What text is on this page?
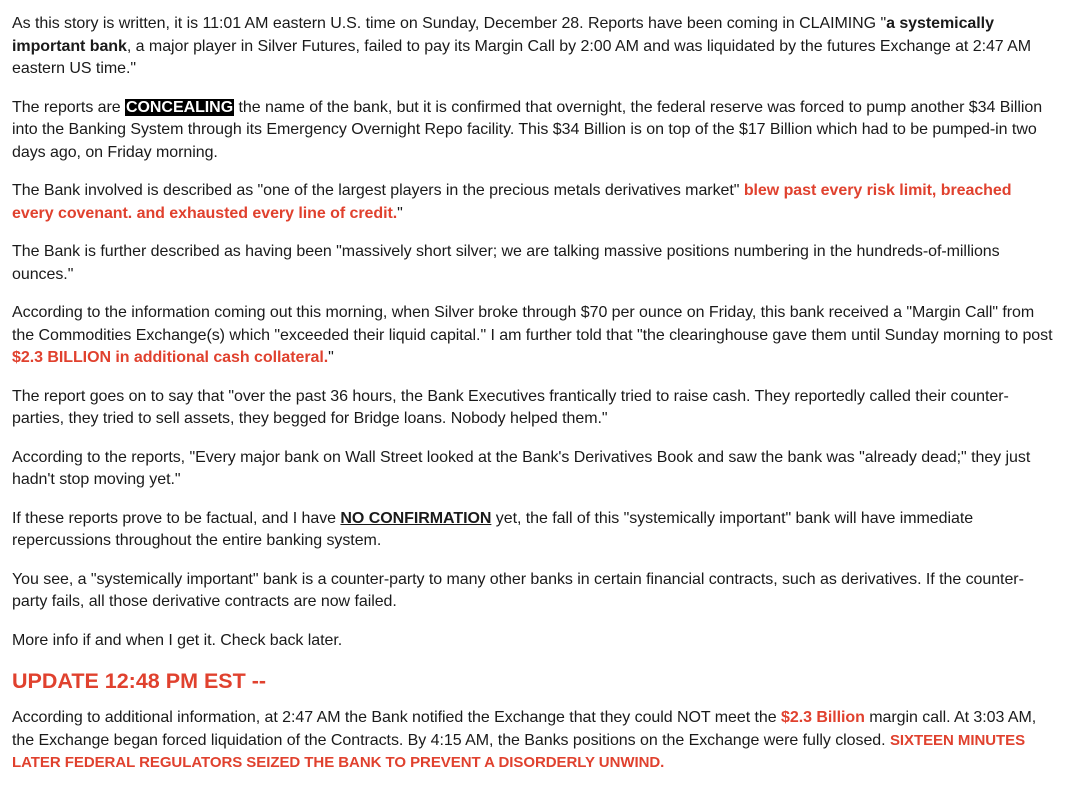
As this story is written, it is 11:01 AM eastern U.S. time on Sunday, December 28. Reports have been coming in CLAIMING "a systemically important bank, a major player in Silver Futures, failed to pay its Margin Call by 2:00 AM and was liquidated by the futures Exchange at 2:47 AM eastern US time."

The reports are CONCEALING the name of the bank, but it is confirmed that overnight, the federal reserve was forced to pump another $34 Billion into the Banking System through its Emergency Overnight Repo facility. This $34 Billion is on top of the $17 Billion which had to be pumped-in two days ago, on Friday morning.

The Bank involved is described as "one of the largest players in the precious metals derivatives market" blew past every risk limit, breached every covenant. and exhausted every line of credit."

The Bank is further described as having been "massively short silver; we are talking massive positions numbering in the hundreds-of-millions ounces."

According to the information coming out this morning, when Silver broke through $70 per ounce on Friday, this bank received a "Margin Call" from the Commodities Exchange(s) which "exceeded their liquid capital." I am further told that "the clearinghouse gave them until Sunday morning to post $2.3 BILLION in additional cash collateral."

The report goes on to say that "over the past 36 hours, the Bank Executives frantically tried to raise cash. They reportedly called their counter-parties, they tried to sell assets, they begged for Bridge loans. Nobody helped them."

According to the reports, "Every major bank on Wall Street looked at the Bank's Derivatives Book and saw the bank was "already dead;" they just hadn't stop moving yet."

If these reports prove to be factual, and I have NO CONFIRMATION yet, the fall of this "systemically important" bank will have immediate repercussions throughout the entire banking system.

You see, a "systemically important" bank is a counter-party to many other banks in certain financial contracts, such as derivatives. If the counter-party fails, all those derivative contracts are now failed.

More info if and when I get it. Check back later.

UPDATE 12:48 PM EST --

According to additional information, at 2:47 AM the Bank notified the Exchange that they could NOT meet the $2.3 Billion margin call. At 3:03 AM, the Exchange began forced liquidation of the Contracts. By 4:15 AM, the Banks positions on the Exchange were fully closed. SIXTEEN MINUTES LATER FEDERAL REGULATORS SEIZED THE BANK TO PREVENT A DISORDERLY UNWIND.
